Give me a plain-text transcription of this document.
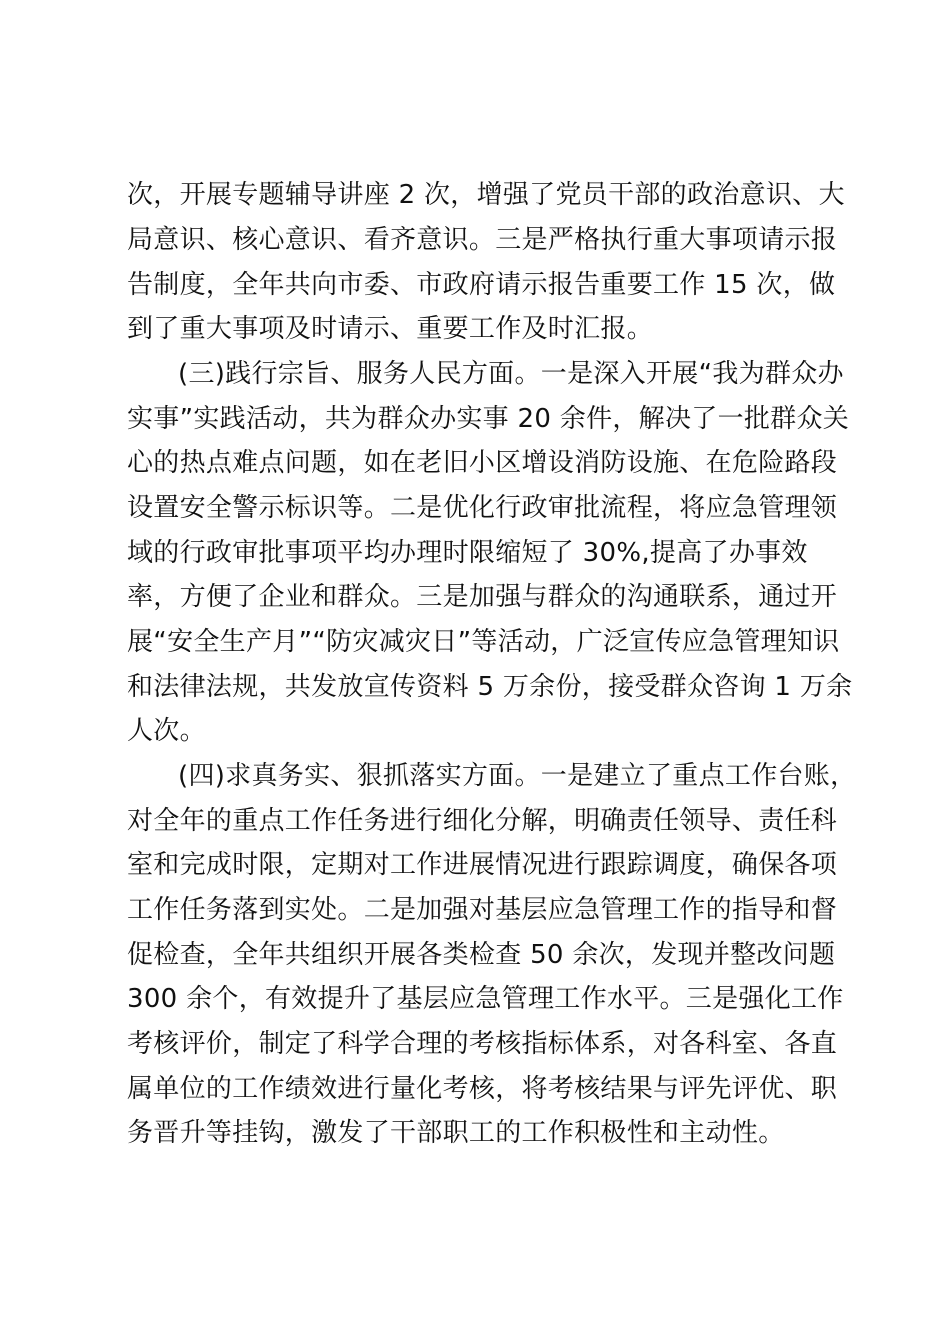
次，开展专题辅导讲座 2 次，增强了党员干部的政治意识、大

局意识、核心意识、看齐意识。三是严格执行重大事项请示报

告制度，全年共向市委、市政府请示报告重要工作 15 次，做

到了重大事项及时请示、重要工作及时汇报。

(三)践行宗旨、服务人民方面。一是深入开展“我为群众办

实事”实践活动，共为群众办实事 20 余件，解决了一批群众关

心的热点难点问题，如在老旧小区增设消防设施、在危险路段

设置安全警示标识等。二是优化行政审批流程，将应急管理领

域的行政审批事项平均办理时限缩短了 30%,提高了办事效

率，方便了企业和群众。三是加强与群众的沟通联系，通过开

展“安全生产月”“防灾减灾日”等活动，广泛宣传应急管理知识

和法律法规，共发放宣传资料 5 万余份，接受群众咨询 1 万余

人次。

(四)求真务实、狠抓落实方面。一是建立了重点工作台账，

对全年的重点工作任务进行细化分解，明确责任领导、责任科

室和完成时限，定期对工作进展情况进行跟踪调度，确保各项

工作任务落到实处。二是加强对基层应急管理工作的指导和督

促检查，全年共组织开展各类检查 50 余次，发现并整改问题

300 余个，有效提升了基层应急管理工作水平。三是强化工作

考核评价，制定了科学合理的考核指标体系，对各科室、各直

属单位的工作绩效进行量化考核，将考核结果与评先评优、职

务晋升等挂钩，激发了干部职工的工作积极性和主动性。
